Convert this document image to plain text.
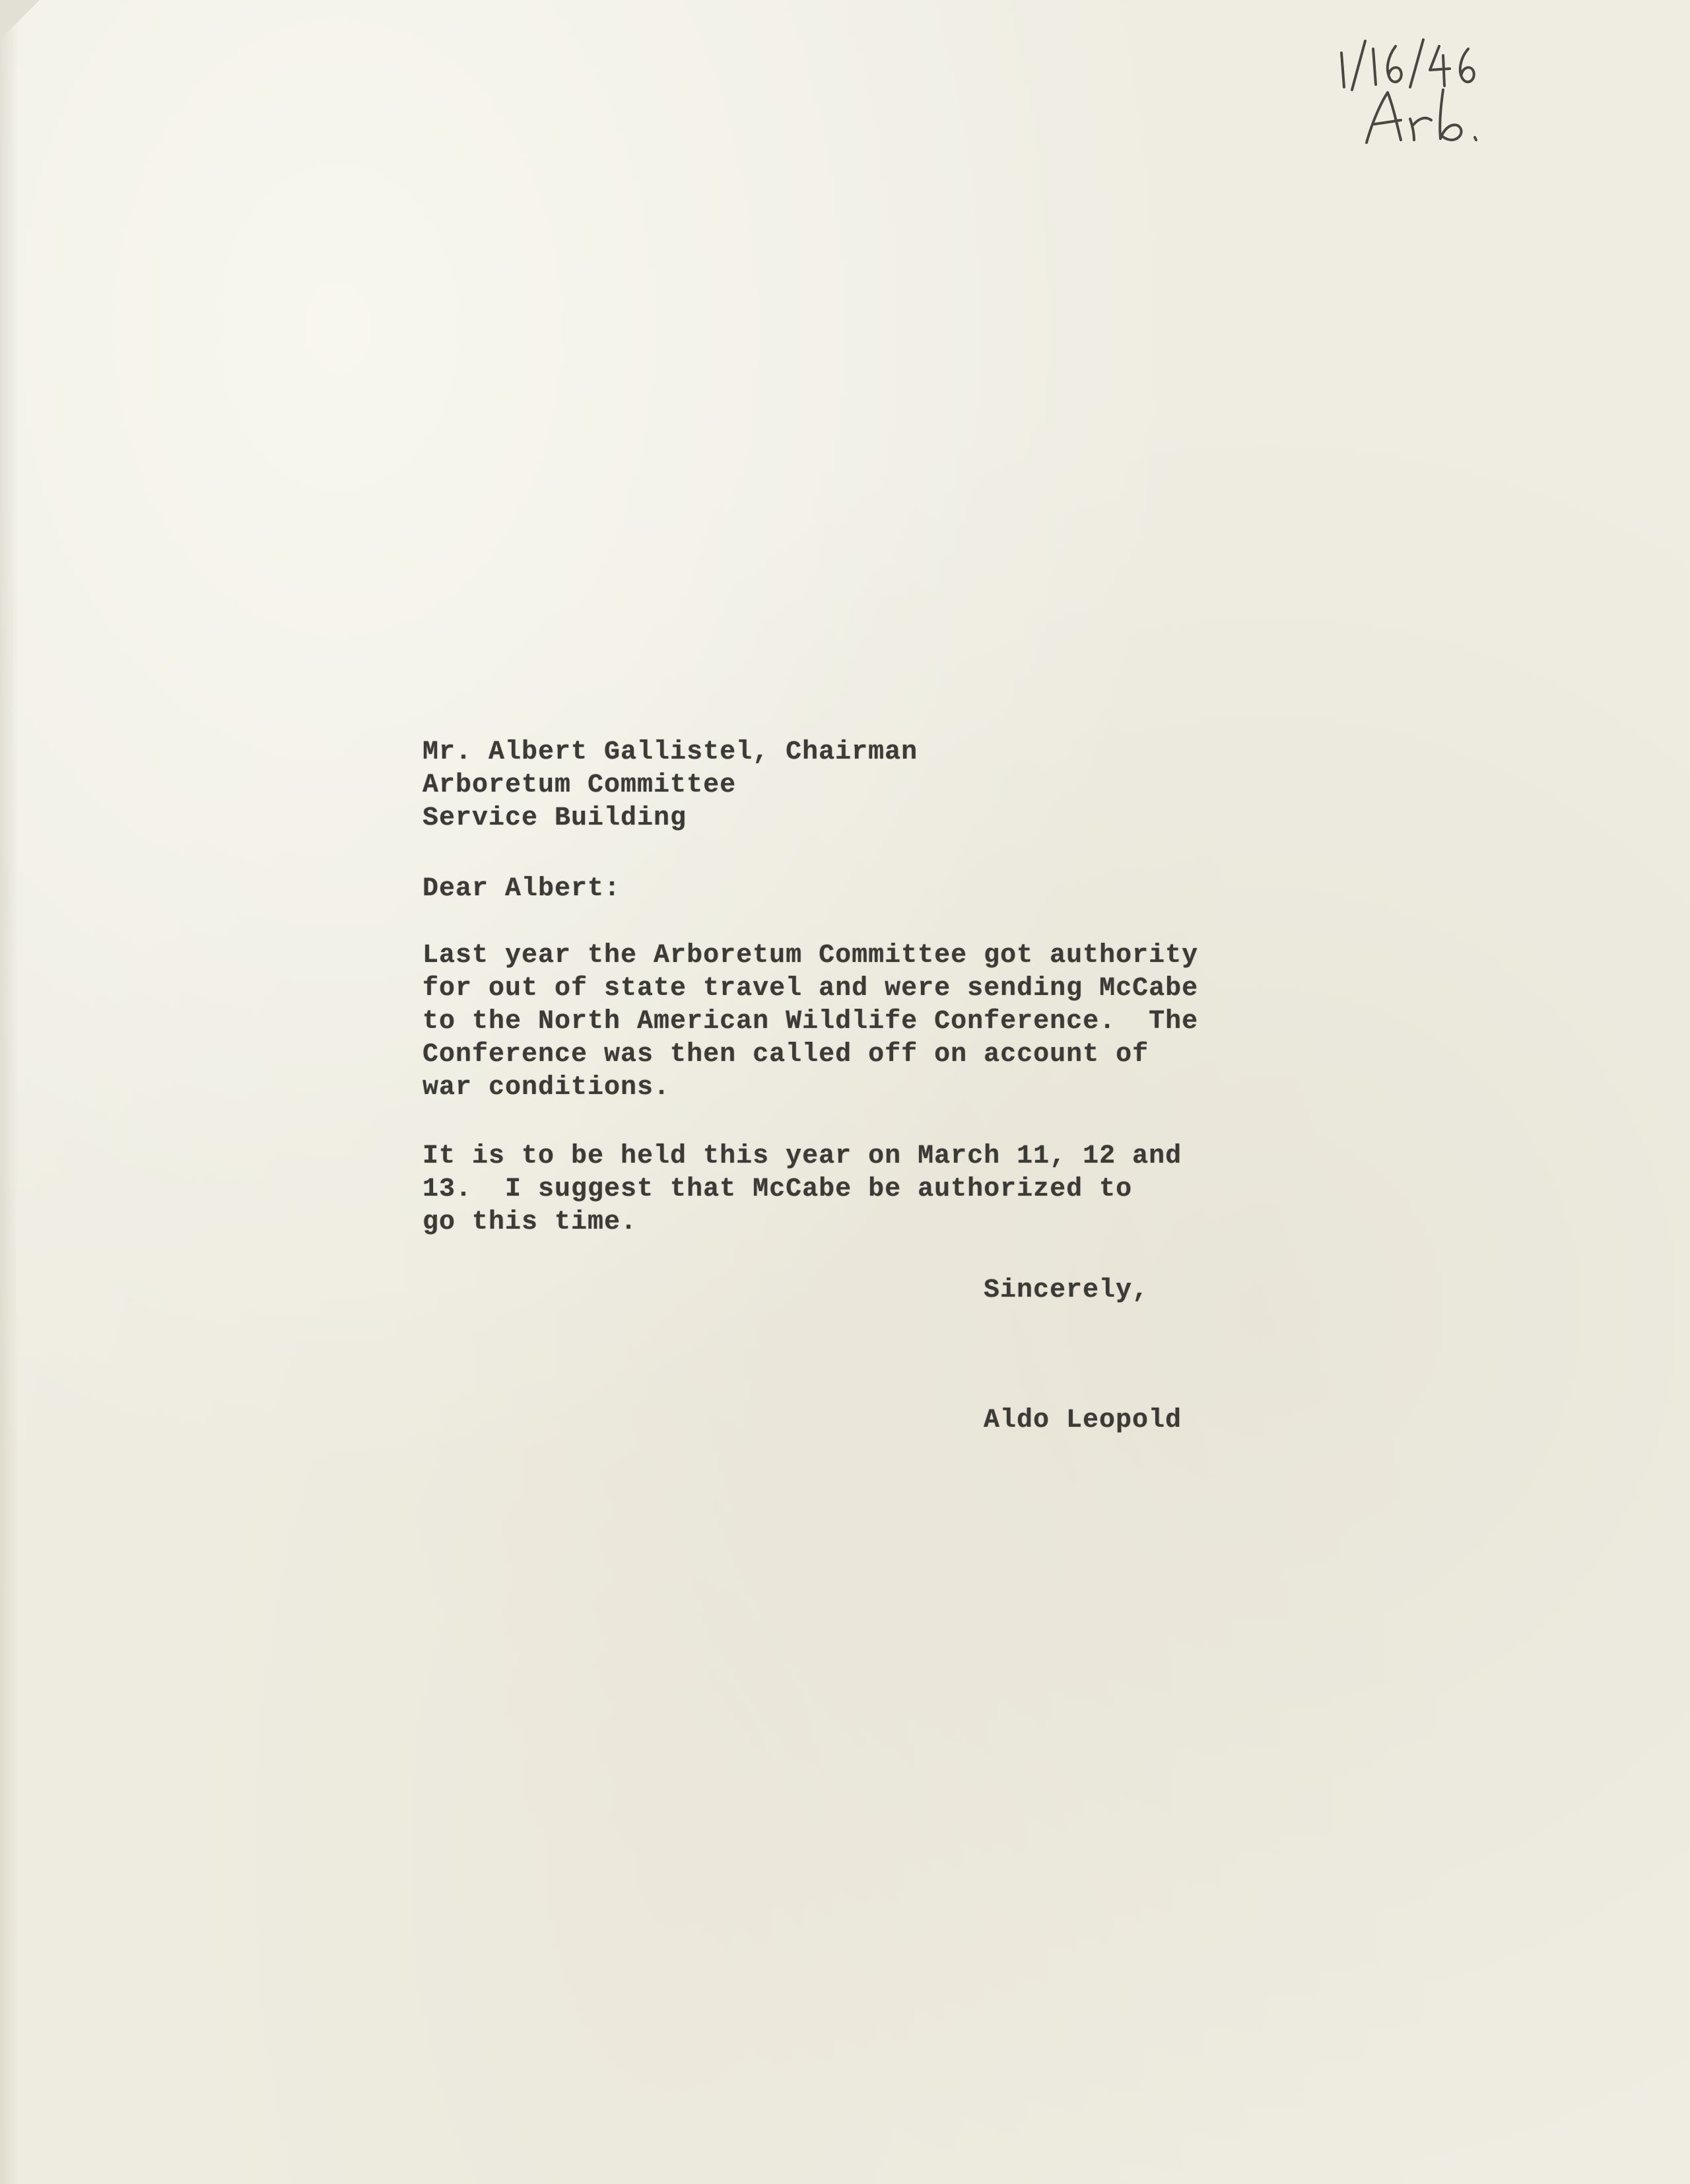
Mr. Albert Gallistel, Chairman
Arboretum Committee
Service Building
Dear Albert:
Last year the Arboretum Committee got authority
for out of state travel and were sending McCabe
to the North American Wildlife Conference.  The
Conference was then called off on account of
war conditions.
It is to be held this year on March 11, 12 and
13.  I suggest that McCabe be authorized to
go this time.
Sincerely,
Aldo Leopold
